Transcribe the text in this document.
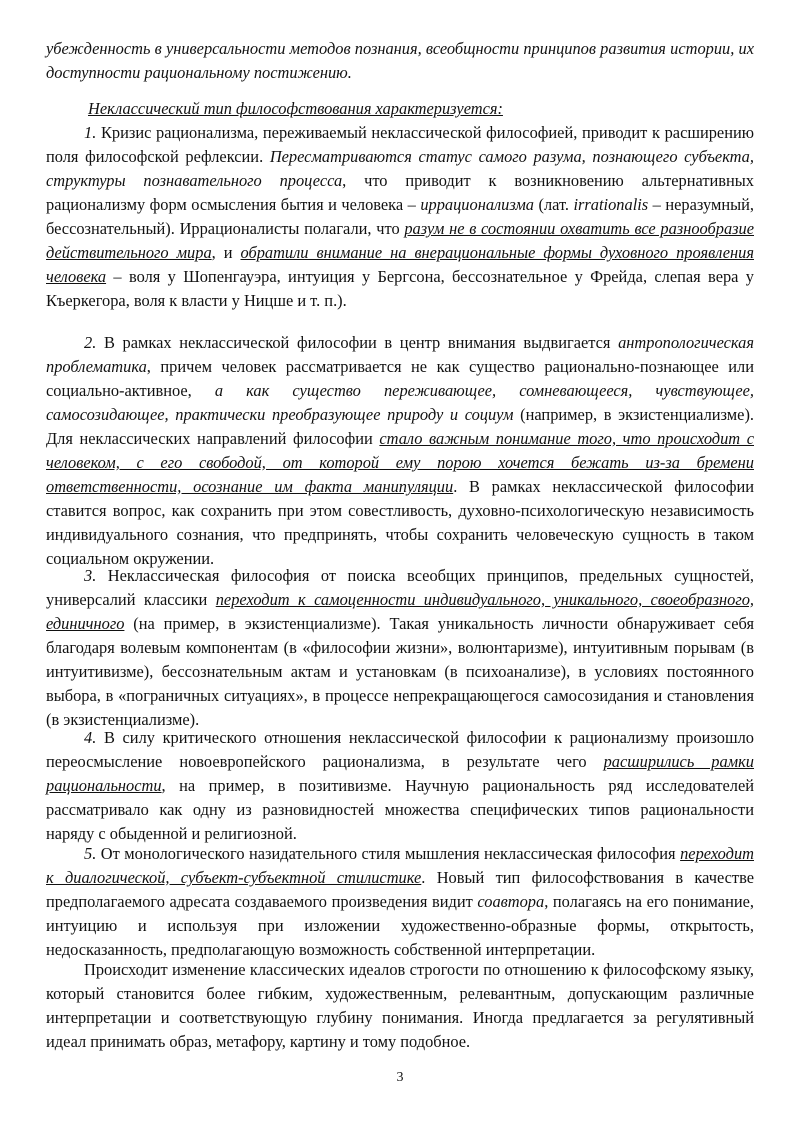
убежденность в универсальности методов познания, всеобщности принципов развития истории, их доступности рациональному постижению.

Неклассический тип философствования характеризуется:

1. Кризис рационализма, переживаемый неклассической философией, приводит к расширению поля философской рефлексии. Пересматриваются статус самого разума, познающего субъекта, структуры познавательного процесса, что приводит к возникновению альтернативных рационализму форм осмысления бытия и человека – иррационализма (лат. irrationalis – неразумный, бессознательный). Иррационалисты полагали, что разум не в состоянии охватить все разнообразие действительного мира, и обратили внимание на внерациональные формы духовного проявления человека – воля у Шопенгауэра, интуиция у Бергсона, бессознательное у Фрейда, слепая вера у Къеркегора, воля к власти у Ницше и т. п.).

2. В рамках неклассической философии в центр внимания выдвигается антропологическая проблематика, причем человек рассматривается не как существо рационально-познающее или социально-активное, а как существо переживающее, сомневающееся, чувствующее, самосозидающее, практически преобразующее природу и социум (например, в экзистенциализме). Для неклассических направлений философии стало важным понимание того, что происходит с человеком, с его свободой, от которой ему порою хочется бежать из-за бремени ответственности, осознание им факта манипуляции. В рамках неклассической философии ставится вопрос, как сохранить при этом совестливость, духовно-психологическую независимость индивидуального сознания, что предпринять, чтобы сохранить человеческую сущность в таком социальном окружении.

3. Неклассическая философия от поиска всеобщих принципов, предельных сущностей, универсалий классики переходит к самоценности индивидуального, уникального, своеобразного, единичного (на пример, в экзистенциализме). Такая уникальность личности обнаруживает себя благодаря волевым компонентам (в «философии жизни», волюнтаризме), интуитивным порывам (в интуитивизме), бессознательным актам и установкам (в психоанализе), в условиях постоянного выбора, в «пограничных ситуациях», в процессе непрекращающегося самосозидания и становления (в экзистенциализме).

4. В силу критического отношения неклассической философии к рационализму произошло переосмысление новоевропейского рационализма, в результате чего расширились рамки рациональности, на пример, в позитивизме. Научную рациональность ряд исследователей рассматривало как одну из разновидностей множества специфических типов рациональности наряду с обыденной и религиозной.

5. От монологического назидательного стиля мышления неклассическая философия переходит к диалогической, субъект-субъектной стилистике. Новый тип философствования в качестве предполагаемого адресата создаваемого произведения видит соавтора, полагаясь на его понимание, интуицию и используя при изложении художественно-образные формы, открытость, недосказанность, предполагающую возможность собственной интерпретации.

Происходит изменение классических идеалов строгости по отношению к философскому языку, который становится более гибким, художественным, релевантным, допускающим различные интерпретации и соответствующую глубину понимания. Иногда предлагается за регулятивный идеал принимать образ, метафору, картину и тому подобное.

3
